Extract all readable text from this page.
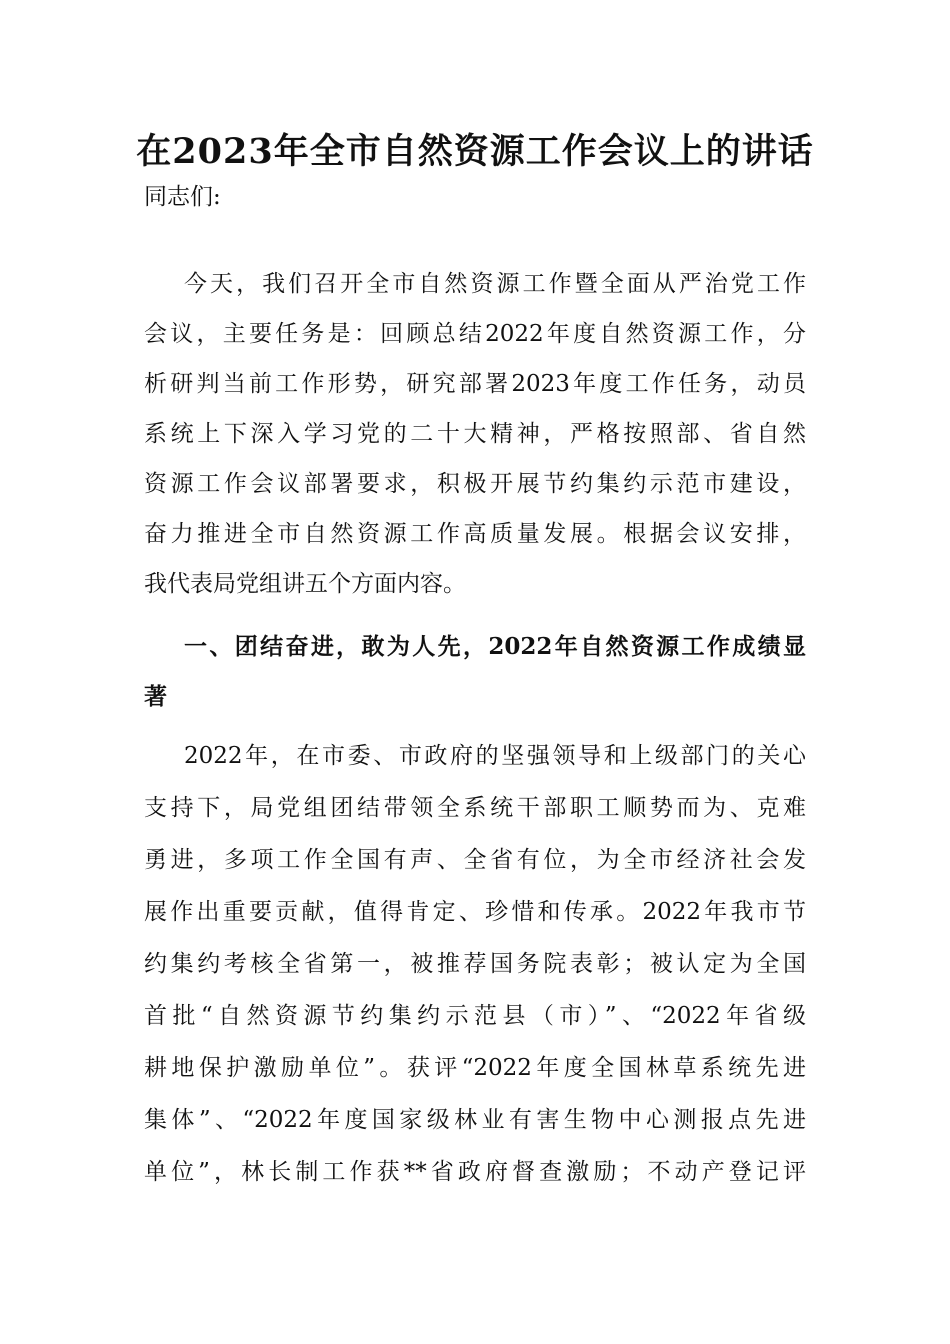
在2023年全市自然资源工作会议上的讲话
同志们:
今天，我们召开全市自然资源工作暨全面从严治党工作
会议，主要任务是：回顾总结2022年度自然资源工作，分
析研判当前工作形势，研究部署2023年度工作任务，动员
系统上下深入学习党的二十大精神，严格按照部、省自然
资源工作会议部署要求，积极开展节约集约示范市建设，
奋力推进全市自然资源工作高质量发展。根据会议安排，
我代表局党组讲五个方面内容。
一、团结奋进，敢为人先，2022年自然资源工作成绩显
著
2022年，在市委、市政府的坚强领导和上级部门的关心
支持下，局党组团结带领全系统干部职工顺势而为、克难
勇进，多项工作全国有声、全省有位，为全市经济社会发
展作出重要贡献，值得肯定、珍惜和传承。2022年我市节
约集约考核全省第一，被推荐国务院表彰；被认定为全国
首批“自然资源节约集约示范县（市）”、“2022年省级
耕地保护激励单位”。获评“2022年度全国林草系统先进
集体”、“2022年度国家级林业有害生物中心测报点先进
单位”，林长制工作获**省政府督查激励；不动产登记评
